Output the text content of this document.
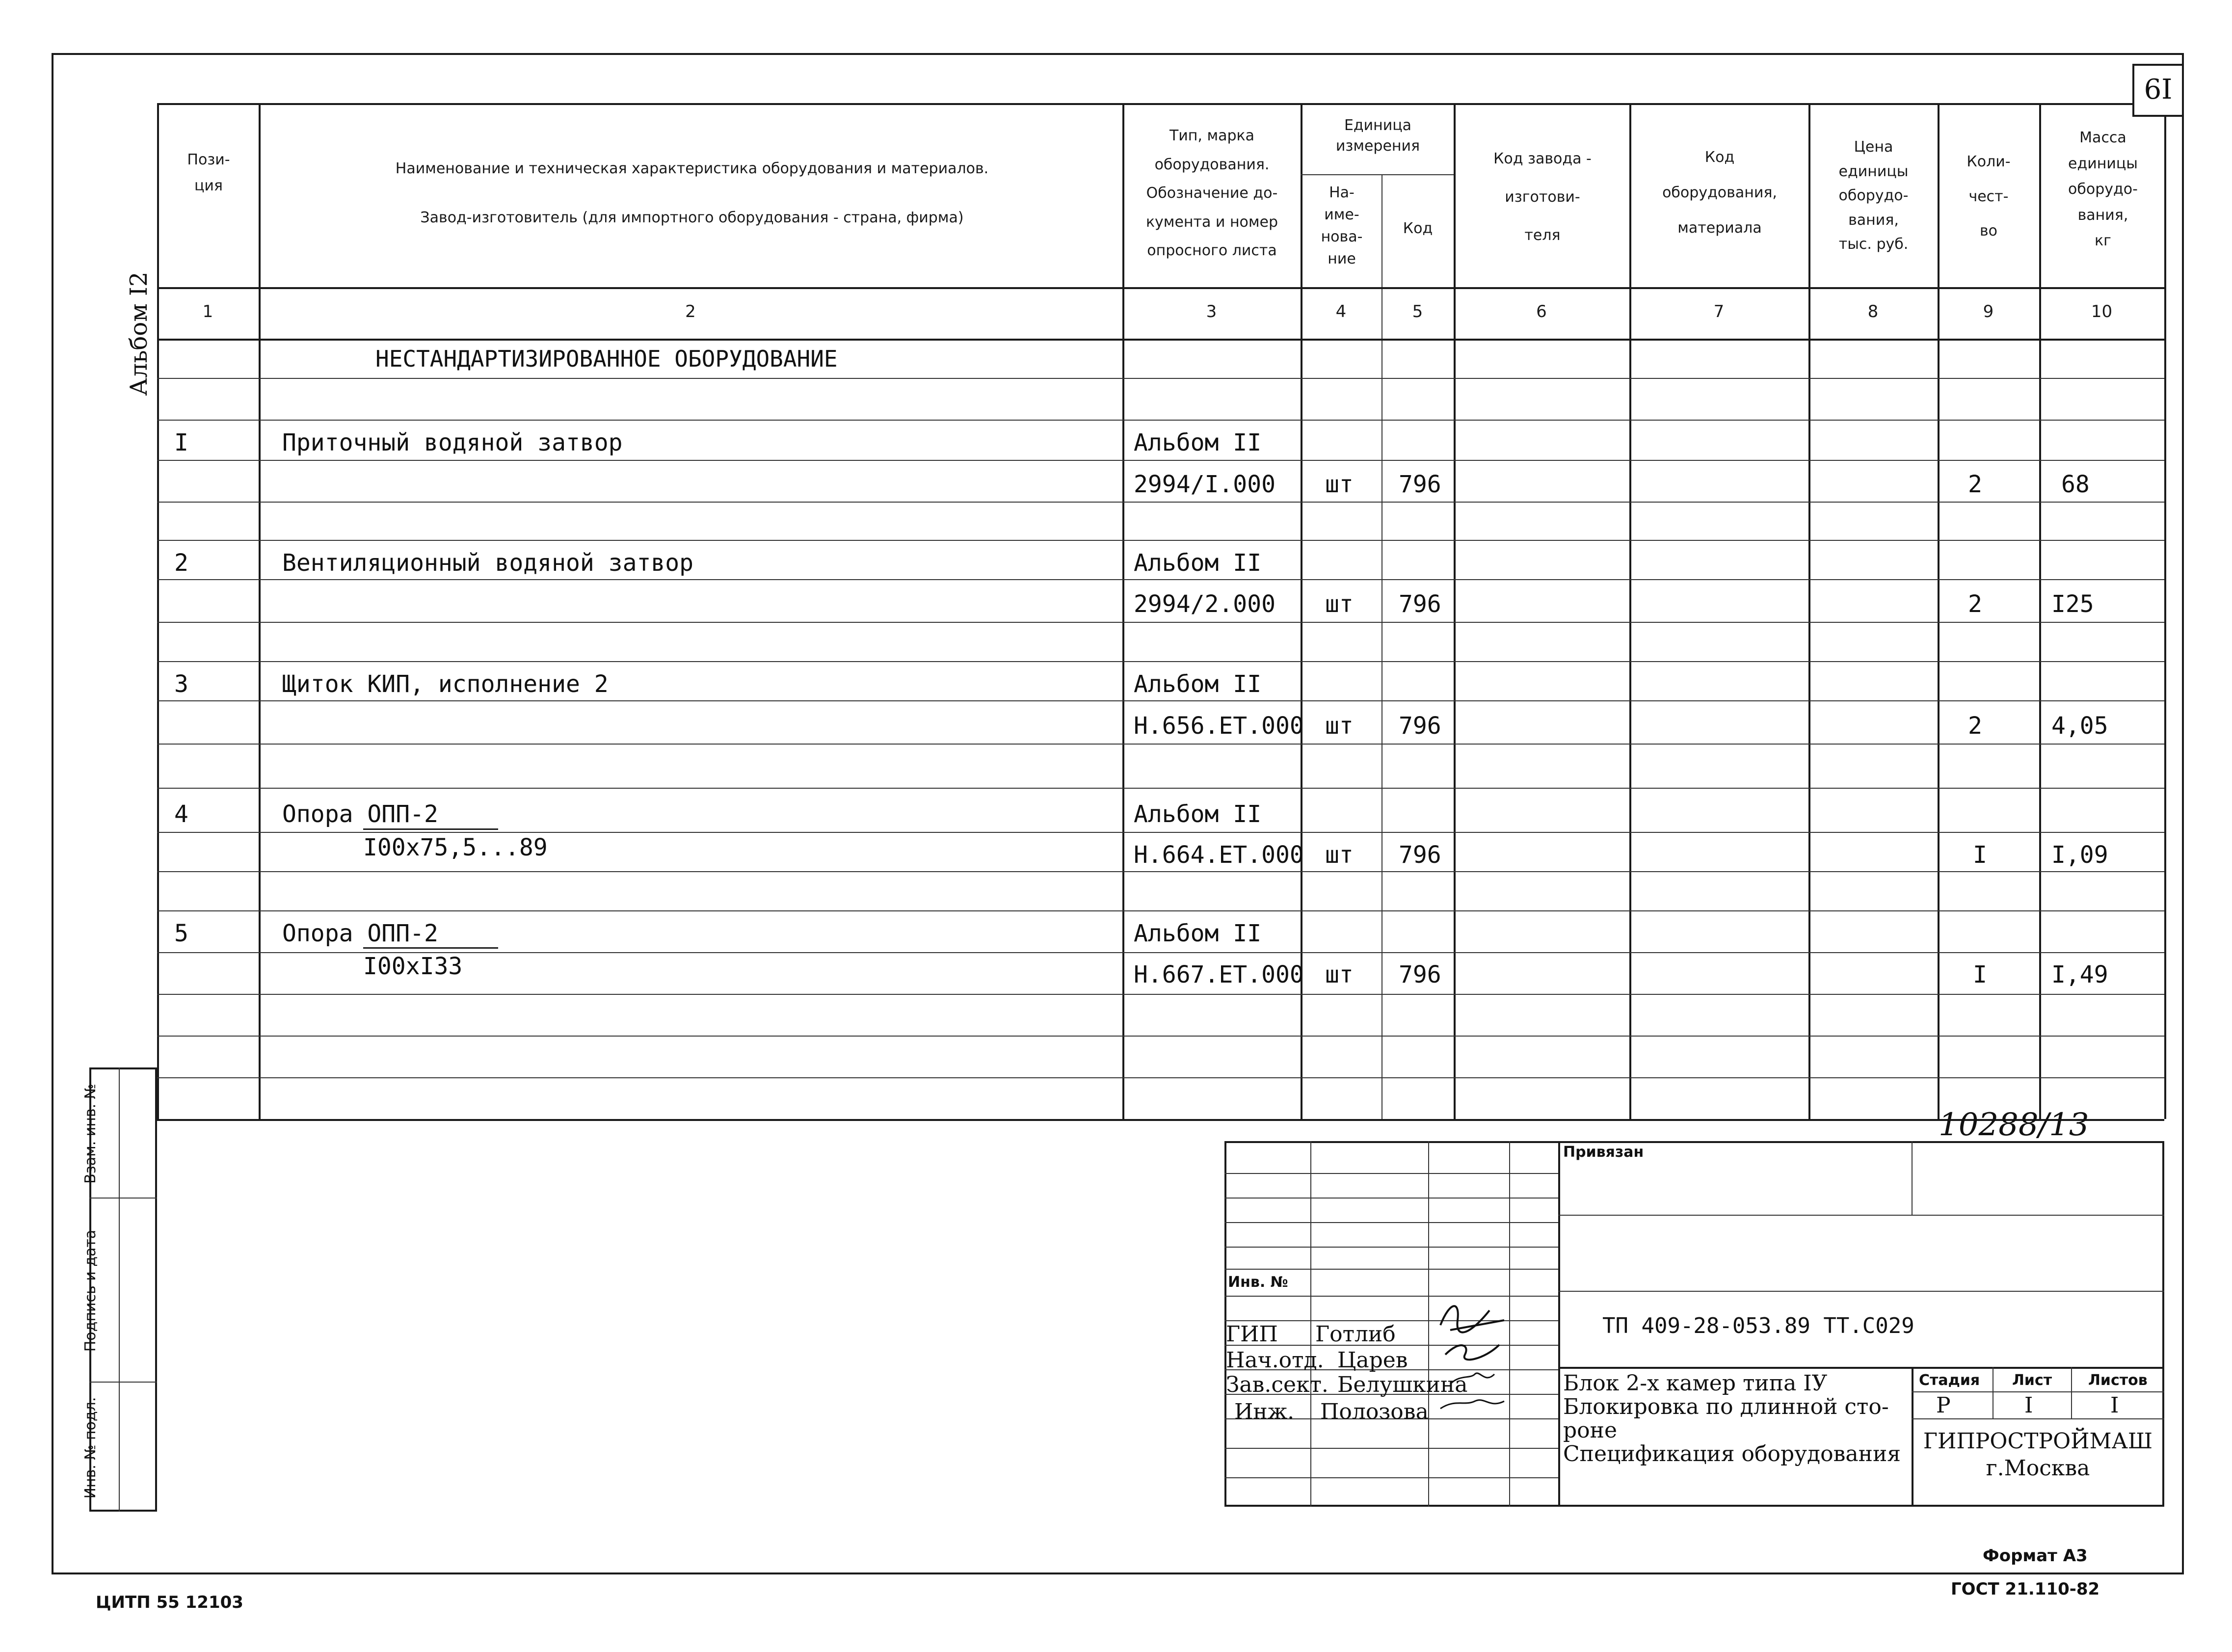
6I
Альбом I2
Пози-
ция
Наименование и техническая характеристика оборудования и материалов.
Завод-изготовитель (для импортного оборудования - страна, фирма)
Тип, марка
оборудования.
Обозначение до-
кумента и номер
опросного листа
Единица
измерения
На-
име-
нова-
ние
Код
Код завода -
изготови-
теля
Код
оборудования,
материала
Цена
единицы
оборудо-
вания,
тыс. руб.
Коли-
чест-
во
Масса
единицы
оборудо-
вания,
кг
1	2	3	4	5	6	7	8	9	10
НЕСТАНДАРТИЗИРОВАННОЕ ОБОРУДОВАНИЕ
I	Приточный водяной затвор	Альбом II
2994/I.000 шт 796	2	68
2	Вентиляционный водяной затвор	Альбом II
2994/2.000 шт 796	2	I25
3	Щиток КИП, исполнение 2	Альбом II
Н.656.ЕТ.000 шт 796	2	4,05
4	Опора ОПП-2
I00x75,5...89
Альбом II
Н.664.ЕТ.000 шт 796	I	I,09
5	Опора ОПП-2
I00xI33
Альбом II
Н.667.ЕТ.000 шт 796	I	I,49
Взам. инв. №
Подпись и дата
Инв. № подл.
10288/13
Привязан
Инв. №
ТП 409-28-053.89 ТТ.С029
ГИП Готлиб
Нач.отд. Царев
Зав.сект. Белушкина
Инж. Полозова
Блок 2-х камер типа IУ
Блокировка по длинной сто-
роне
Спецификация оборудования
Стадия Лист Листов
Р	I	I
ГИПРОСТРОЙМАШ
г.Москва
Формат А3
ГОСТ 21.110-82
ЦИТП 55 12103
